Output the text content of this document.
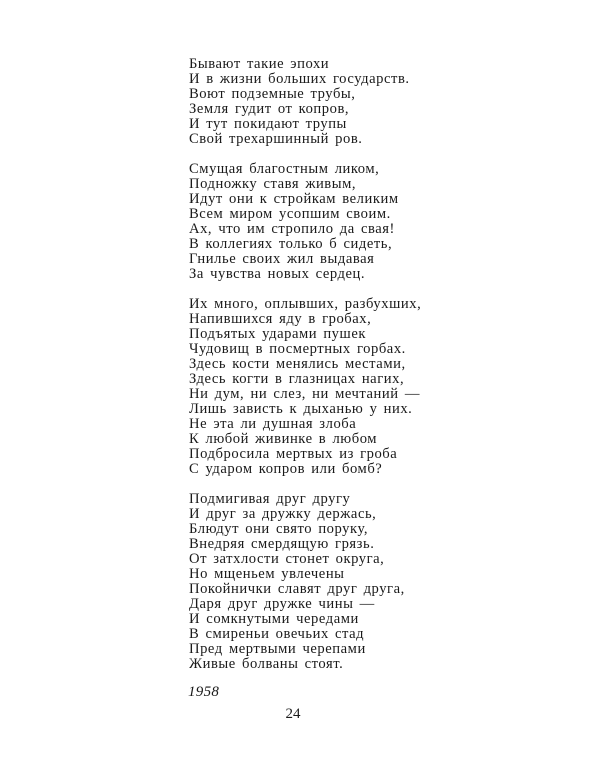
Бывают такие эпохи
И в жизни больших государств.
Воют подземные трубы,
Земля гудит от копров,
И тут покидают трупы
Свой трехаршинный ров.
Смущая благостным ликом,
Подножку ставя живым,
Идут они к стройкам великим
Всем миром усопшим своим.
Ах, что им стропило да свая!
В коллегиях только б сидеть,
Гнилье своих жил выдавая
За чувства новых сердец.
Их много, оплывших, разбухших,
Напившихся яду в гробах,
Подъятых ударами пушек
Чудовищ в посмертных горбах.
Здесь кости менялись местами,
Здесь когти в глазницах нагих,
Ни дум, ни слез, ни мечтаний —
Лишь зависть к дыханью у них.
Не эта ли душная злоба
К любой живинке в любом
Подбросила мертвых из гроба
С ударом копров или бомб?
Подмигивая друг другу
И друг за дружку держась,
Блюдут они свято поруку,
Внедряя смердящую грязь.
От затхлости стонет округа,
Но мщеньем увлечены
Покойнички славят друг друга,
Даря друг дружке чины —
И сомкнутыми чередами
В смиреньи овечьих стад
Пред мертвыми черепами
Живые болваны стоят.
1958
24
